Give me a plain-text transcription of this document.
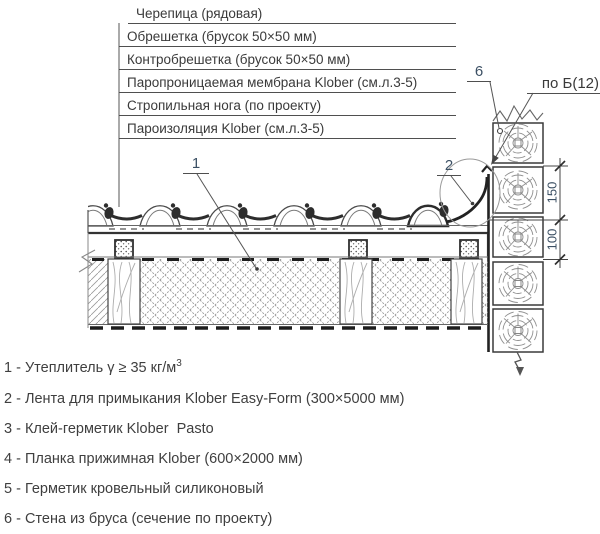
Черепица (рядовая)
Обрешетка (брусок 50×50 мм)
Контробрешетка (брусок 50×50 мм)
Паропроницаемая мембрана Klober (см.л.3-5)
Стропильная нога (по проекту)
Пароизоляция Klober (см.л.3-5)
по Б(12)
1	2
6
150
100
1 - Утеплитель γ ≥ 35 $кг/м^3$
2 - Лента для примыкания Klober Easy-Form (300×5000 мм)
3 - Клей-герметик Klober  Pasto
4 - Планка прижимная Klober (600×2000 мм)
5 - Герметик кровельный силиконовый
6 - Стена из бруса (сечение по проекту)
